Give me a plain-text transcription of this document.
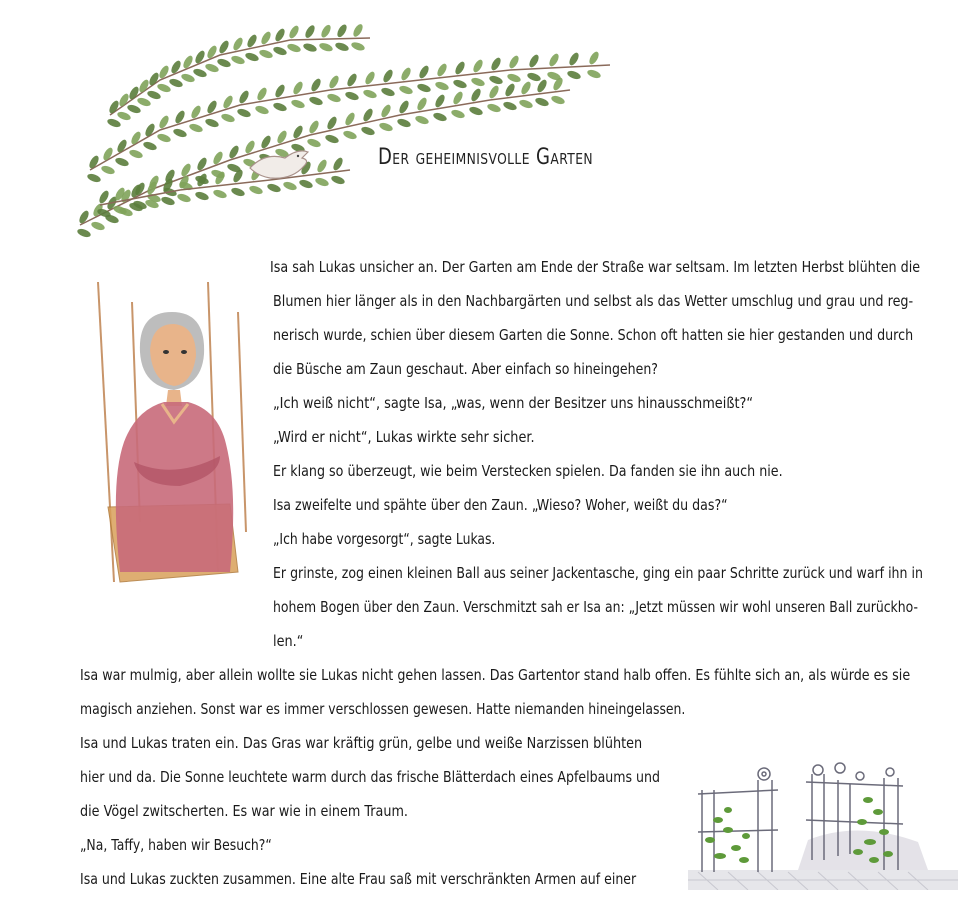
Der geheimnisvolle Garten
Isa sah Lukas unsicher an. Der Garten am Ende der Straße war seltsam. Im letzten Herbst blühten die
Blumen hier länger als in den Nachbargärten und selbst als das Wetter umschlug und grau und reg-
nerisch wurde, schien über diesem Garten die Sonne. Schon oft hatten sie hier gestanden und durch
die Büsche am Zaun geschaut. Aber einfach so hineingehen?
„Ich weiß nicht“, sagte Isa, „was, wenn der Besitzer uns hinausschmeißt?“
„Wird er nicht“, Lukas wirkte sehr sicher.
Er klang so überzeugt, wie beim Verstecken spielen. Da fanden sie ihn auch nie.
Isa zweifelte und spähte über den Zaun. „Wieso? Woher, weißt du das?“
„Ich habe vorgesorgt“, sagte Lukas.
Er grinste, zog einen kleinen Ball aus seiner Jackentasche, ging ein paar Schritte zurück und warf ihn in
hohem Bogen über den Zaun. Verschmitzt sah er Isa an: „Jetzt müssen wir wohl unseren Ball zurückho-
len.“
Isa war mulmig, aber allein wollte sie Lukas nicht gehen lassen. Das Gartentor stand halb offen. Es fühlte sich an, als würde es sie
magisch anziehen. Sonst war es immer verschlossen gewesen. Hatte niemanden hineingelassen.
Isa und Lukas traten ein. Das Gras war kräftig grün, gelbe und weiße Narzissen blühten
hier und da. Die Sonne leuchtete warm durch das frische Blätterdach eines Apfelbaums und
die Vögel zwitscherten. Es war wie in einem Traum.
„Na, Taffy, haben wir Besuch?“
Isa und Lukas zuckten zusammen. Eine alte Frau saß mit verschränkten Armen auf einer
